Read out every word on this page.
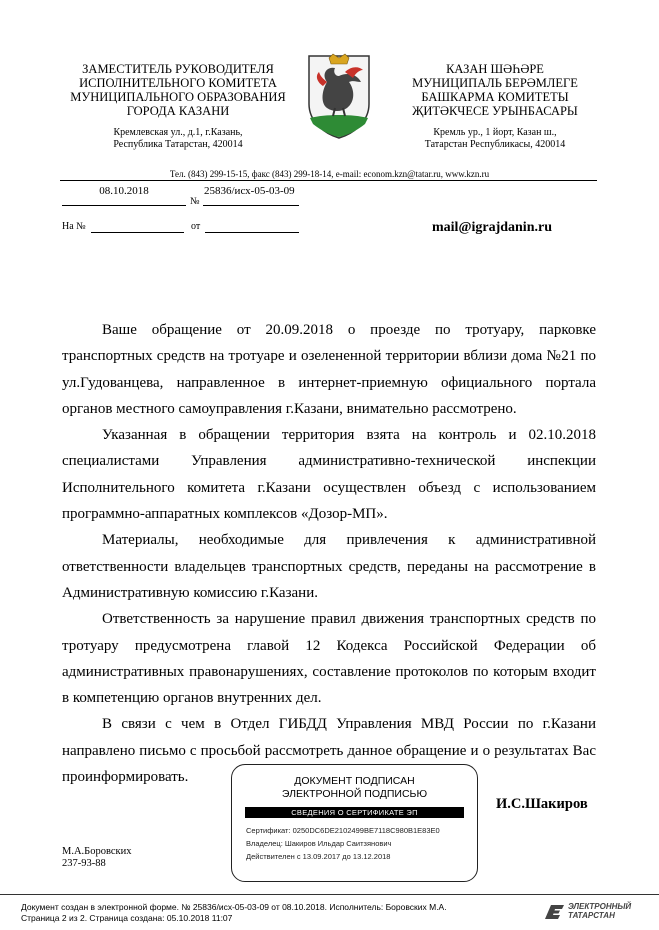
ЗАМЕСТИТЕЛЬ РУКОВОДИТЕЛЯ
ИСПОЛНИТЕЛЬНОГО КОМИТЕТА
МУНИЦИПАЛЬНОГО ОБРАЗОВАНИЯ
ГОРОДА КАЗАНИ
Кремлевская ул., д.1, г.Казань,
Республика Татарстан, 420014
КАЗАН ШӘҺӘРЕ
МУНИЦИПАЛЬ БЕРӘМЛЕГЕ
БАШКАРМА КОМИТЕТЫ
ҖИТӘКЧЕСЕ УРЫНБАСАРЫ
Кремль ур., 1 йорт, Казан ш.,
Татарстан Республикасы, 420014
Тел. (843) 299-15-15, факс (843) 299-18-14, e-mail: econom.kzn@tatar.ru, www.kzn.ru
08.10.2018
№
25836/исх-05-03-09
На №	от	mail@igrajdanin.ru

Ваше обращение от 20.09.2018 о проезде по тротуару, парковке транспортных средств на тротуаре и озелененной территории вблизи дома №21 по ул.Гудованцева, направленное в интернет-приемную официального портала органов местного самоуправления г.Казани, внимательно рассмотрено.

Указанная в обращении территория взята на контроль и 02.10.2018 специалистами Управления административно-технической инспекции Исполнительного комитета г.Казани осуществлен объезд с использованием программно-аппаратных комплексов «Дозор-МП».

Материалы, необходимые для привлечения к административной ответственности владельцев транспортных средств, переданы на рассмотрение в Административную комиссию г.Казани.

Ответственность за нарушение правил движения транспортных средств по тротуару предусмотрена главой 12 Кодекса Российской Федерации об административных правонарушениях, составление протоколов по которым входит в компетенцию органов внутренних дел.

В связи с чем в Отдел ГИБДД Управления МВД России по г.Казани направлено письмо с просьбой рассмотреть данное обращение и о результатах Вас проинформировать.	ДОКУМЕНТ ПОДПИСАН
ЭЛЕКТРОННОЙ ПОДПИСЬЮ
СВЕДЕНИЯ О СЕРТИФИКАТЕ ЭП
Сертификат: 0250DC6DE2102499BE7118C980B1E83E0
Владелец: Шакиров Ильдар Саитзянович
Действителен с 13.09.2017 до 13.12.2018
И.С.Шакиров
М.А.Боровских
237-93-88
Документ создан в электронной форме. № 25836/исх-05-03-09 от 08.10.2018. Исполнитель: Боровских М.А.
Страница 2 из 2. Страница создана: 05.10.2018 11:07
ЭЛЕКТРОННЫЙ
ТАТАРСТАН
